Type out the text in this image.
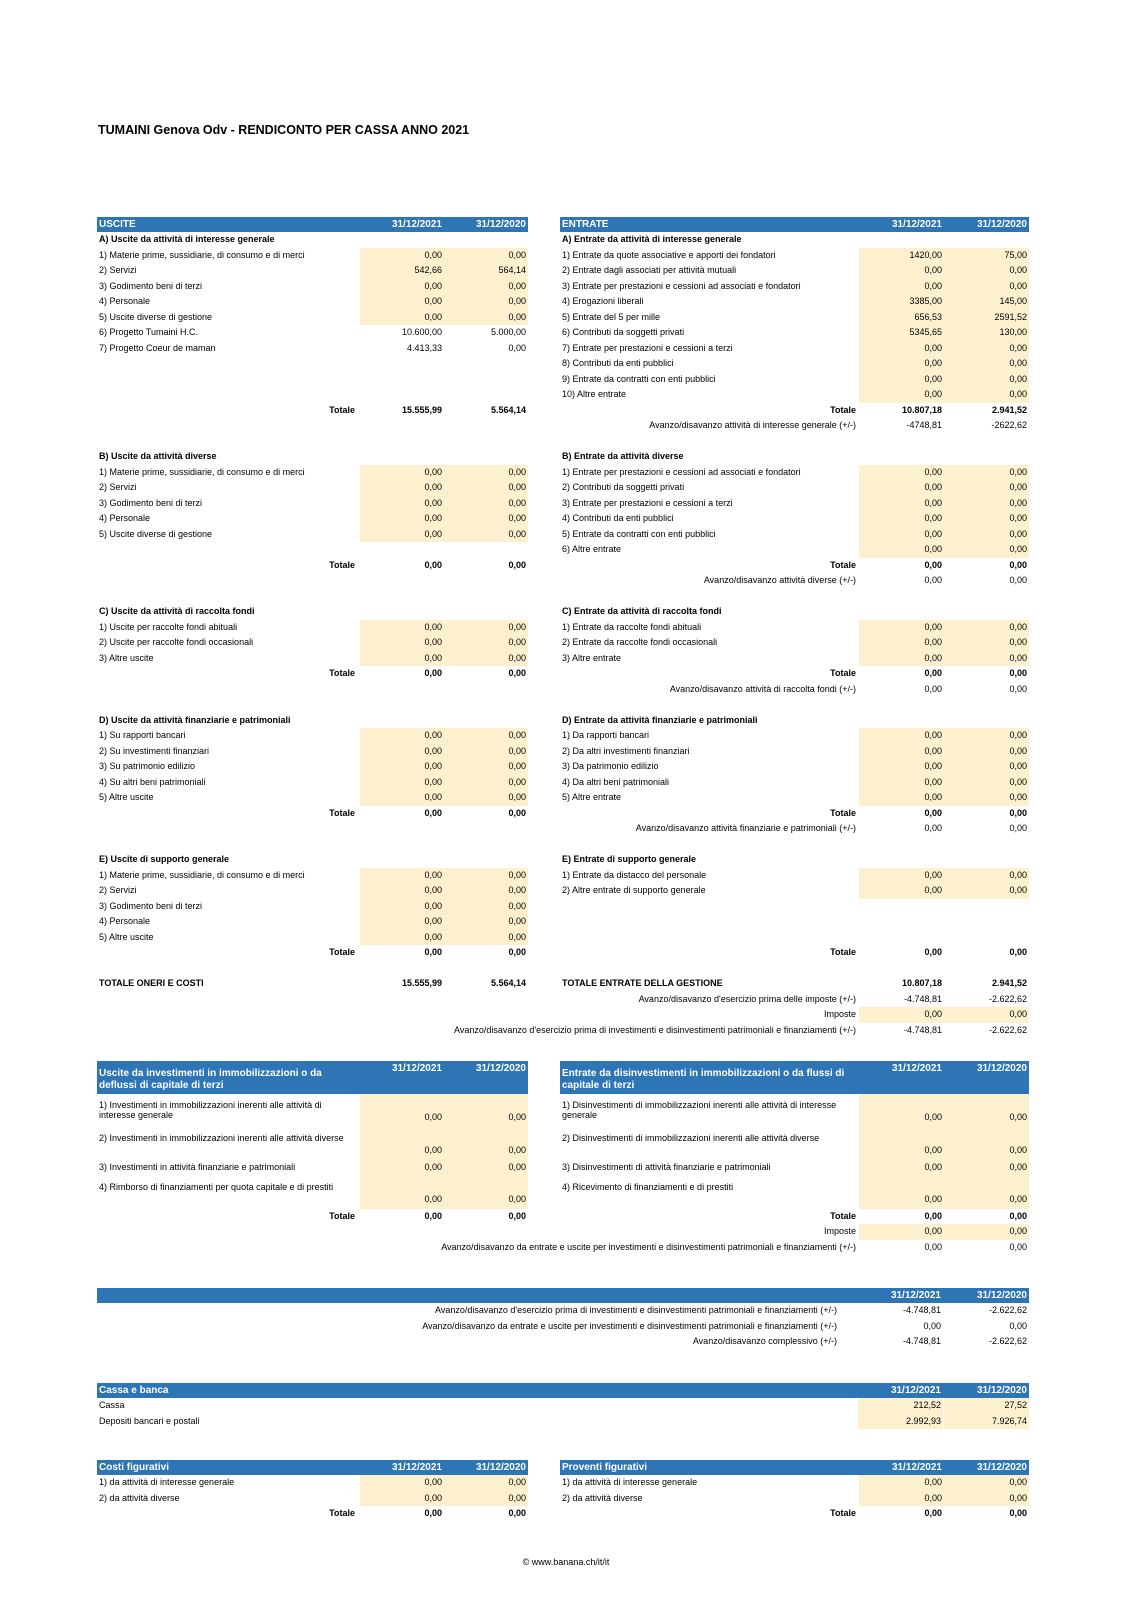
TUMAINI Genova Odv - RENDICONTO PER CASSA ANNO 2021
USCITE	31/12/2021	31/12/2020
A) Uscite da attività di interesse generale
1) Materie prime, sussidiarie, di consumo e di merci	0,00	0,00
2) Servizi	542,66	564,14
3) Godimento beni di terzi	0,00	0,00
4) Personale	0,00	0,00
5) Uscite diverse di gestione	0,00	0,00
6) Progetto Tumaini H.C.	10.600,00	5.000,00
7) Progetto Coeur de maman	4.413,33	0,00
Totale	15.555,99	5.564,14
B) Uscite da attività diverse
1) Materie prime, sussidiarie, di consumo e di merci	0,00	0,00
2) Servizi	0,00	0,00
3) Godimento beni di terzi	0,00	0,00
4) Personale	0,00	0,00
5) Uscite diverse di gestione	0,00	0,00
Totale	0,00	0,00
C) Uscite da attività di raccolta fondi
1) Uscite per raccolte fondi abituali	0,00	0,00
2) Uscite per raccolte fondi occasionali	0,00	0,00
3) Altre uscite	0,00	0,00
Totale	0,00	0,00
D) Uscite da attività finanziarie e patrimoniali
1) Su rapporti bancari	0,00	0,00
2) Su investimenti finanziari	0,00	0,00
3) Su patrimonio edilizio	0,00	0,00
4) Su altri beni patrimoniali	0,00	0,00
5) Altre uscite	0,00	0,00
Totale	0,00	0,00
E) Uscite di supporto generale
1) Materie prime, sussidiarie, di consumo e di merci	0,00	0,00
2) Servizi	0,00	0,00
3) Godimento beni di terzi	0,00	0,00
4) Personale	0,00	0,00
5) Altre uscite	0,00	0,00
Totale	0,00	0,00
TOTALE ONERI E COSTI	15.555,99	5.564,14
ENTRATE	31/12/2021	31/12/2020
A) Entrate da attività di interesse generale
1) Entrate da quote associative e apporti dei fondatori	1420,00	75,00
2) Entrate dagli associati per attività mutuali	0,00	0,00
3) Entrate per prestazioni e cessioni ad associati e fondatori	0,00	0,00
4) Erogazioni liberali	3385,00	145,00
5) Entrate del 5 per mille	656,53	2591,52
6) Contributi da soggetti privati	5345,65	130,00
7) Entrate per prestazioni e cessioni a terzi	0,00	0,00
8) Contributi da enti pubblici	0,00	0,00
9) Entrate da contratti con enti pubblici	0,00	0,00
10) Altre entrate	0,00	0,00
Totale	10.807,18	2.941,52
Avanzo/disavanzo attività di interesse generale (+/-)	-4748,81	-2622,62
B) Entrate da attività diverse
1) Entrate per prestazioni e cessioni ad associati e fondatori	0,00	0,00
2) Contributi da soggetti privati	0,00	0,00
3) Entrate per prestazioni e cessioni a terzi	0,00	0,00
4) Contributi da enti pubblici	0,00	0,00
5) Entrate da contratti con enti pubblici	0,00	0,00
6) Altre entrate	0,00	0,00
Totale	0,00	0,00
Avanzo/disavanzo attività diverse (+/-)	0,00	0,00
C) Entrate da attività di raccolta fondi
1) Entrate da raccolte fondi abituali	0,00	0,00
2) Entrate da raccolte fondi occasionali	0,00	0,00
3) Altre entrate	0,00	0,00
Totale	0,00	0,00
Avanzo/disavanzo attività di raccolta fondi (+/-)	0,00	0,00
D) Entrate da attività finanziarie e patrimoniali
1) Da rapporti bancari	0,00	0,00
2) Da altri investimenti finanziari	0,00	0,00
3) Da patrimonio edilizio	0,00	0,00
4) Da altri beni patrimoniali	0,00	0,00
5) Altre entrate	0,00	0,00
Totale	0,00	0,00
Avanzo/disavanzo attività finanziarie e patrimoniali (+/-)	0,00	0,00
E) Entrate di supporto generale
1) Entrate da distacco del personale	0,00	0,00
2) Altre entrate di supporto generale	0,00	0,00
Totale	0,00	0,00
TOTALE ENTRATE DELLA GESTIONE	10.807,18	2.941,52
Avanzo/disavanzo d'esercizio prima delle imposte (+/-)	-4.748,81	-2.622,62
Imposte	0,00	0,00
Avanzo/disavanzo d'esercizio prima di investimenti e disinvestimenti patrimoniali e finanziamenti (+/-)	-4.748,81	-2.622,62
Uscite da investimenti in immobilizzazioni o da deflussi di capitale di terzi
31/12/2021	31/12/2020
1) Investimenti in immobilizzazioni inerenti alle attività di interesse generale	0,00	0,00
2) Investimenti in immobilizzazioni inerenti alle attività diverse
0,00	0,00
3) Investimenti in attività finanziarie e patrimoniali	0,00	0,00
4) Rimborso di finanziamenti per quota capitale e di prestiti
0,00	0,00
Totale	0,00	0,00
Entrate da disinvestimenti in immobilizzazioni o da flussi di capitale di terzi
31/12/2021	31/12/2020
1) Disinvestimenti di immobilizzazioni inerenti alle attività di interesse generale	0,00	0,00
2) Disinvestimenti di immobilizzazioni inerenti alle attività diverse
0,00	0,00
3) Disinvestimenti di attività finanziarie e patrimoniali	0,00	0,00
4) Ricevimento di finanziamenti e di prestiti
0,00	0,00
Totale	0,00	0,00
Imposte	0,00	0,00
Avanzo/disavanzo da entrate e uscite per investimenti e disinvestimenti patrimoniali e finanziamenti (+/-)	0,00	0,00
31/12/2021	31/12/2020
Avanzo/disavanzo d'esercizio prima di investimenti e disinvestimenti patrimoniali e finanziamenti (+/-)	-4.748,81	-2.622,62
Avanzo/disavanzo da entrate e uscite per investimenti e disinvestimenti patrimoniali e finanziamenti (+/-)	0,00	0,00
Avanzo/disavanzo complessivo (+/-)	-4.748,81	-2.622,62
Cassa e banca	31/12/2021	31/12/2020
Cassa	212,52	27,52
Depositi bancari e postali	2.992,93	7.926,74
Costi figurativi	31/12/2021	31/12/2020
1) da attività di interesse generale	0,00	0,00
2) da attività diverse	0,00	0,00
Totale	0,00	0,00
Proventi figurativi	31/12/2021	31/12/2020
1) da attività di interesse generale	0,00	0,00
2) da attività diverse	0,00	0,00
Totale	0,00	0,00
© www.banana.ch/it/it
